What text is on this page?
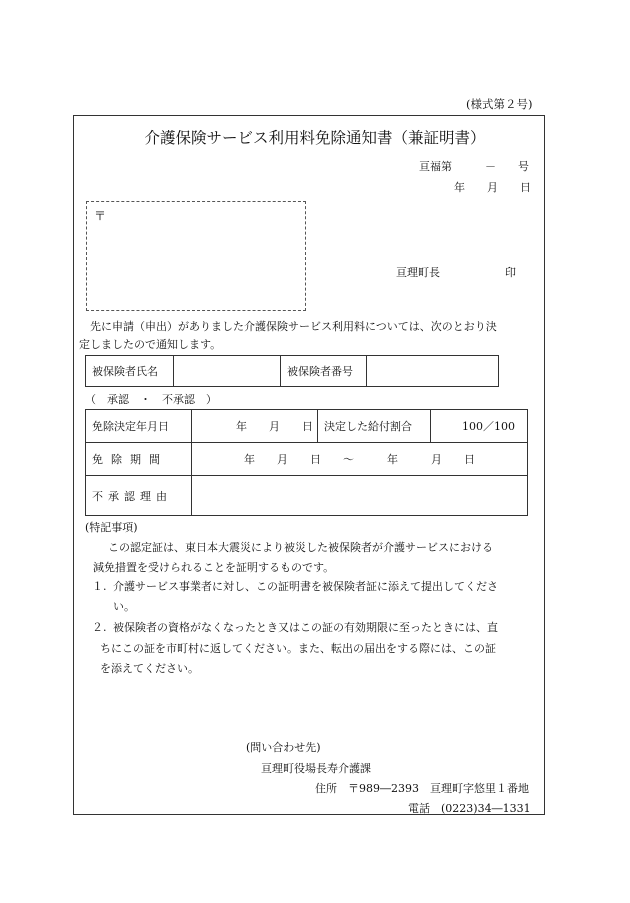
(様式第２号)
介護保険サービス利用料免除通知書（兼証明書）
亘福第　　　－　　号
年　　月　　日
〒
亘理町長	印
先に申請（申出）がありました介護保険サービス利用料については、次のとおり決
定しましたので通知します。
被保険者氏名		被保険者番号	
（　承認　・　不承認　）
免除決定年月日	年　　月　　日	決定した給付割合	100／100
免除期間	年　　月　　日　　～　　　年　　　月　　日		
不承認理由			
(特記事項)
この認定証は、東日本大震災により被災した被保険者が介護サービスにおける
減免措置を受けられることを証明するものです。
１. 介護サービス事業者に対し、この証明書を被保険者証に添えて提出してくださ
い。
２. 被保険者の資格がなくなったとき又はこの証の有効期限に至ったときには、直
ちにこの証を市町村に返してください。また、転出の届出をする際には、この証
を添えてください。
(問い合わせ先)
亘理町役場長寿介護課
住所　〒989―2393　亘理町字悠里１番地
電話　(0223)34―1331
